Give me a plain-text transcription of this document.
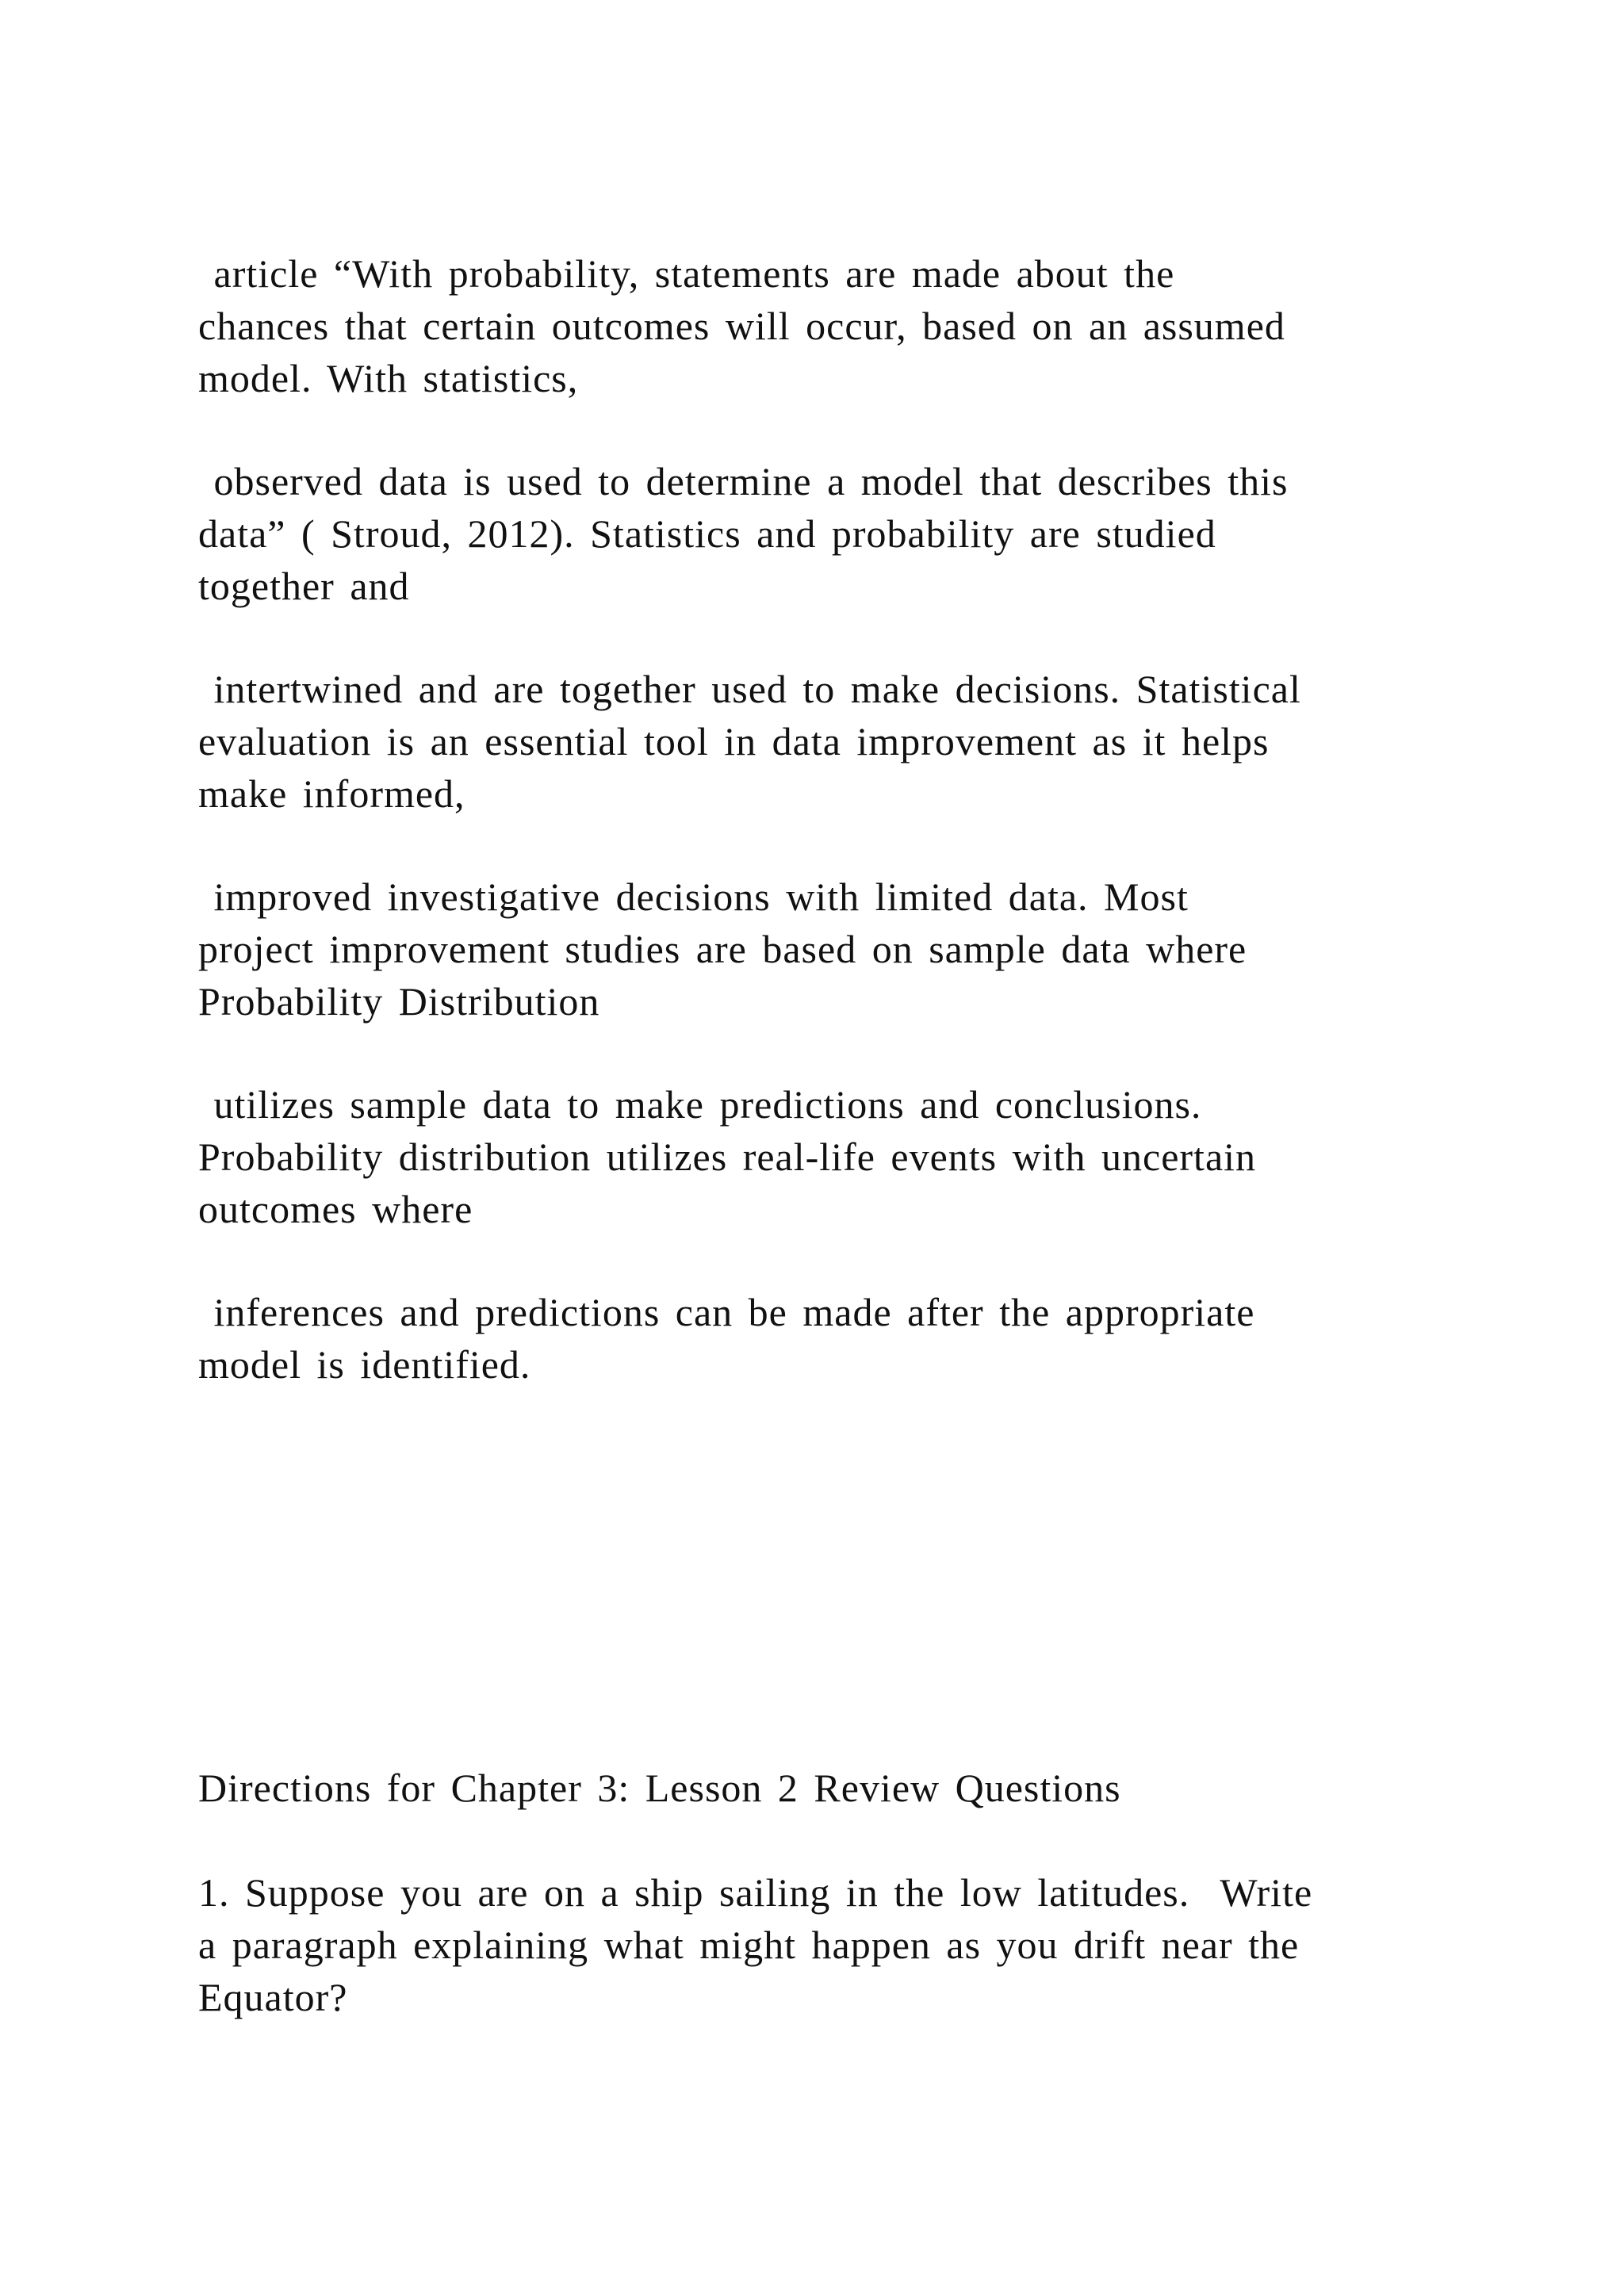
article “With probability, statements are made about the
chances that certain outcomes will occur, based on an assumed
model. With statistics,

observed data is used to determine a model that describes this
data” ( Stroud, 2012). Statistics and probability are studied
together and

intertwined and are together used to make decisions. Statistical
evaluation is an essential tool in data improvement as it helps
make informed,

improved investigative decisions with limited data. Most
project improvement studies are based on sample data where
Probability Distribution

utilizes sample data to make predictions and conclusions.
Probability distribution utilizes real-life events with uncertain
outcomes where

inferences and predictions can be made after the appropriate
model is identified.

Directions for Chapter 3: Lesson 2 Review Questions

1. Suppose you are on a ship sailing in the low latitudes.  Write
a paragraph explaining what might happen as you drift near the
Equator?
